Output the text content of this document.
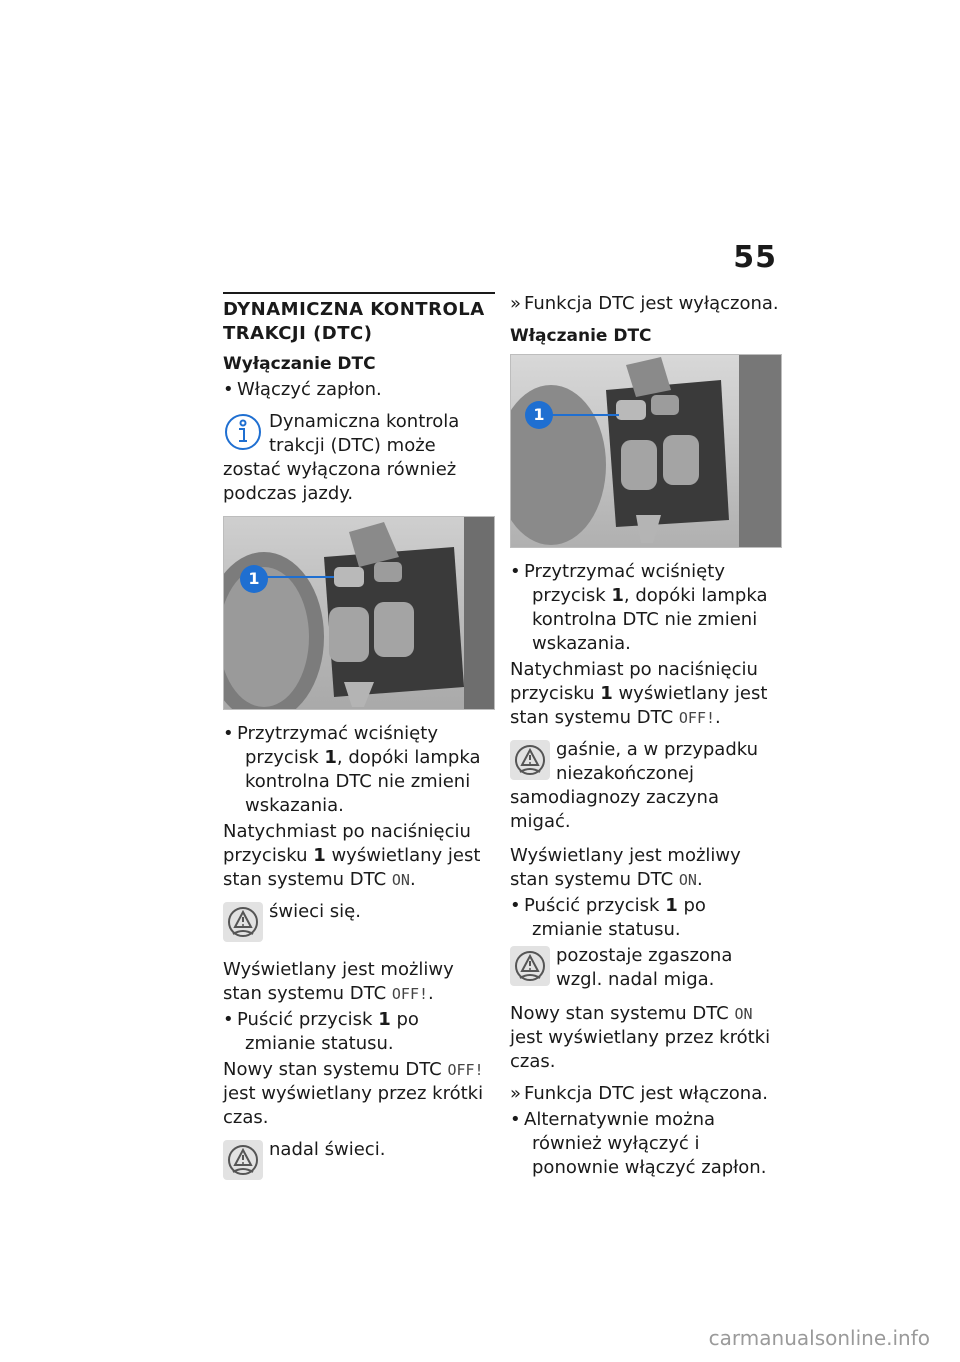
55
DYNAMICZNA KONTROLA TRAKCJI (DTC)
Wyłączanie DTC
• Włączyć zapłon.
Dynamiczna kontrola trakcji (DTC) może zostać wyłączona również podczas jazdy.
1
• Przytrzymać wciśnięty przycisk 1, dopóki lampka kontrolna DTC nie zmieni wskazania.
Natychmiast po naciśnięciu przycisku 1 wyświetlany jest stan systemu DTC ON.
świeci się.
Wyświetlany jest możliwy stan systemu DTC OFF!.
• Puścić przycisk 1 po zmianie statusu.
Nowy stan systemu DTC OFF! jest wyświetlany przez krótki czas.
nadal świeci.
» Funkcja DTC jest wyłączona.
Włączanie DTC
1
• Przytrzymać wciśnięty przycisk 1, dopóki lampka kontrolna DTC nie zmieni wskazania.
Natychmiast po naciśnięciu przycisku 1 wyświetlany jest stan systemu DTC OFF!.
gaśnie, a w przypadku niezakończonej samodiagnozy zaczyna migać.
Wyświetlany jest możliwy stan systemu DTC ON.
• Puścić przycisk 1 po zmianie statusu.
pozostaje zgaszona wzgl. nadal miga.
Nowy stan systemu DTC ON jest wyświetlany przez krótki czas.
» Funkcja DTC jest włączona.
• Alternatywnie można również wyłączyć i ponownie włączyć zapłon.
carmanualsonline.info
